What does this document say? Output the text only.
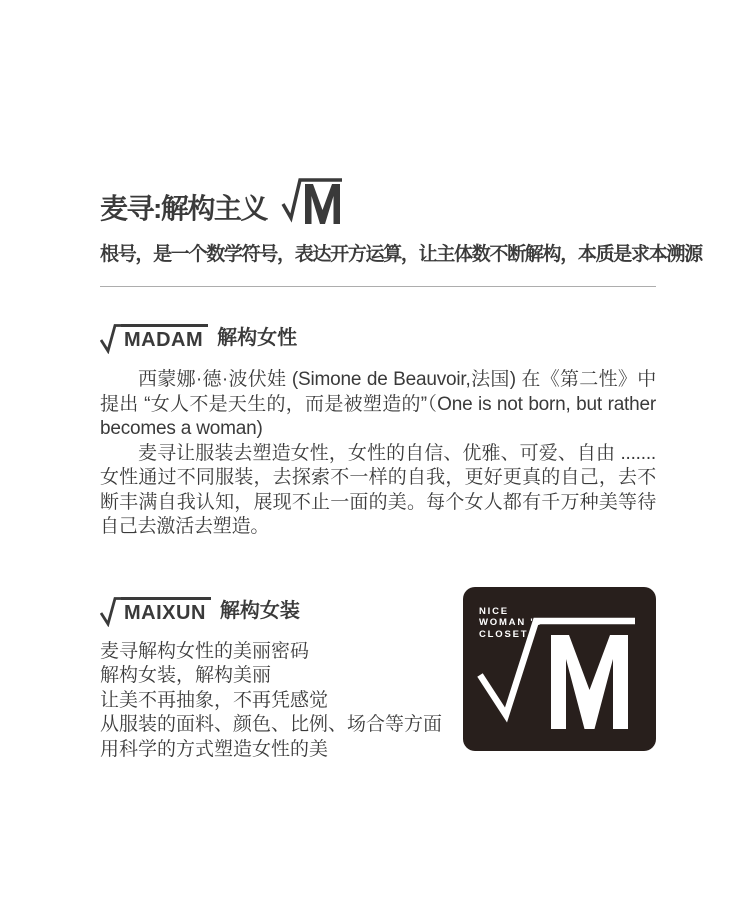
麦寻:解构主义
根号，是一个数学符号，表达开方运算，让主体数不断解构，本质是求本溯源
MADAM 解构女性

西蒙娜·德·波伏娃 (Simone de Beauvoir,法国) 在《第二性》中提出 “女人不是天生的，而是被塑造的”（One is not born, but rather becomes a woman)

麦寻让服装去塑造女性，女性的自信、优雅、可爱、自由 ....... 女性通过不同服装，去探索不一样的自我，更好更真的自己，去不断丰满自我认知，展现不止一面的美。每个女人都有千万种美等待自己去激活去塑造。

MAIXUN 解构女装
麦寻解构女性的美丽密码
解构女装，解构美丽
让美不再抽象，不再凭感觉
从服装的面料、颜色、比例、场合等方面
用科学的方式塑造女性的美
NICE
WOMAN 'S
CLOSET
